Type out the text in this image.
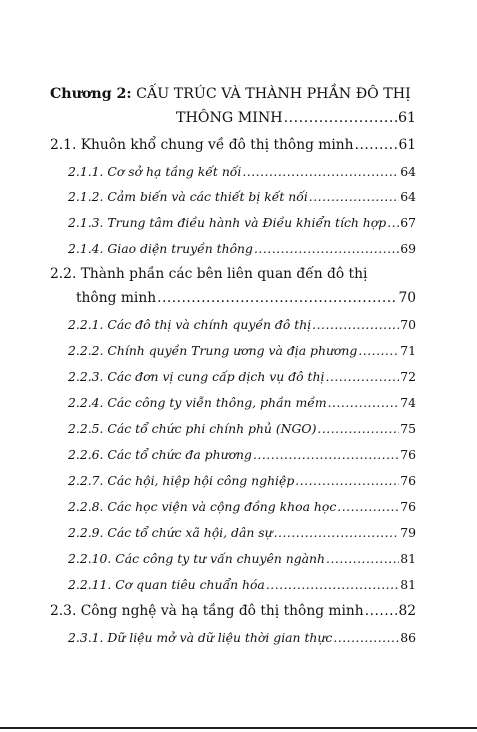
Chương 2: CẤU TRÚC VÀ THÀNH PHẦN ĐÔ THỊ
THÔNG MINH .....	61
2.1. Khuôn khổ chung về đô thị thông minh .....	61
2.1.1. Cơ sở hạ tầng kết nối .....	64
2.1.2. Cảm biến và các thiết bị kết nối .....	64
2.1.3. Trung tâm điều hành và Điều khiển tích hợp ..... 67
2.1.4. Giao diện truyền thông .....	69
2.2. Thành phần các bên liên quan đến đô thị
thông minh .....	70
2.2.1. Các đô thị và chính quyền đô thị .....	70
2.2.2. Chính quyền Trung ương và địa phương .....	71
2.2.3. Các đơn vị cung cấp dịch vụ đô thị .....	72
2.2.4. Các công ty viễn thông, phần mềm .....	74
2.2.5. Các tổ chức phi chính phủ (NGO) .....	75
2.2.6. Các tổ chức đa phương .....	76
2.2.7. Các hội, hiệp hội công nghiệp .....	76
2.2.8. Các học viện và cộng đồng khoa học .....	76
2.2.9. Các tổ chức xã hội, dân sự .....	79
2.2.10. Các công ty tư vấn chuyên ngành .....	81
2.2.11. Cơ quan tiêu chuẩn hóa .....	81
2.3. Công nghệ và hạ tầng đô thị thông minh .....	82
2.3.1. Dữ liệu mở và dữ liệu thời gian thực .....	86
